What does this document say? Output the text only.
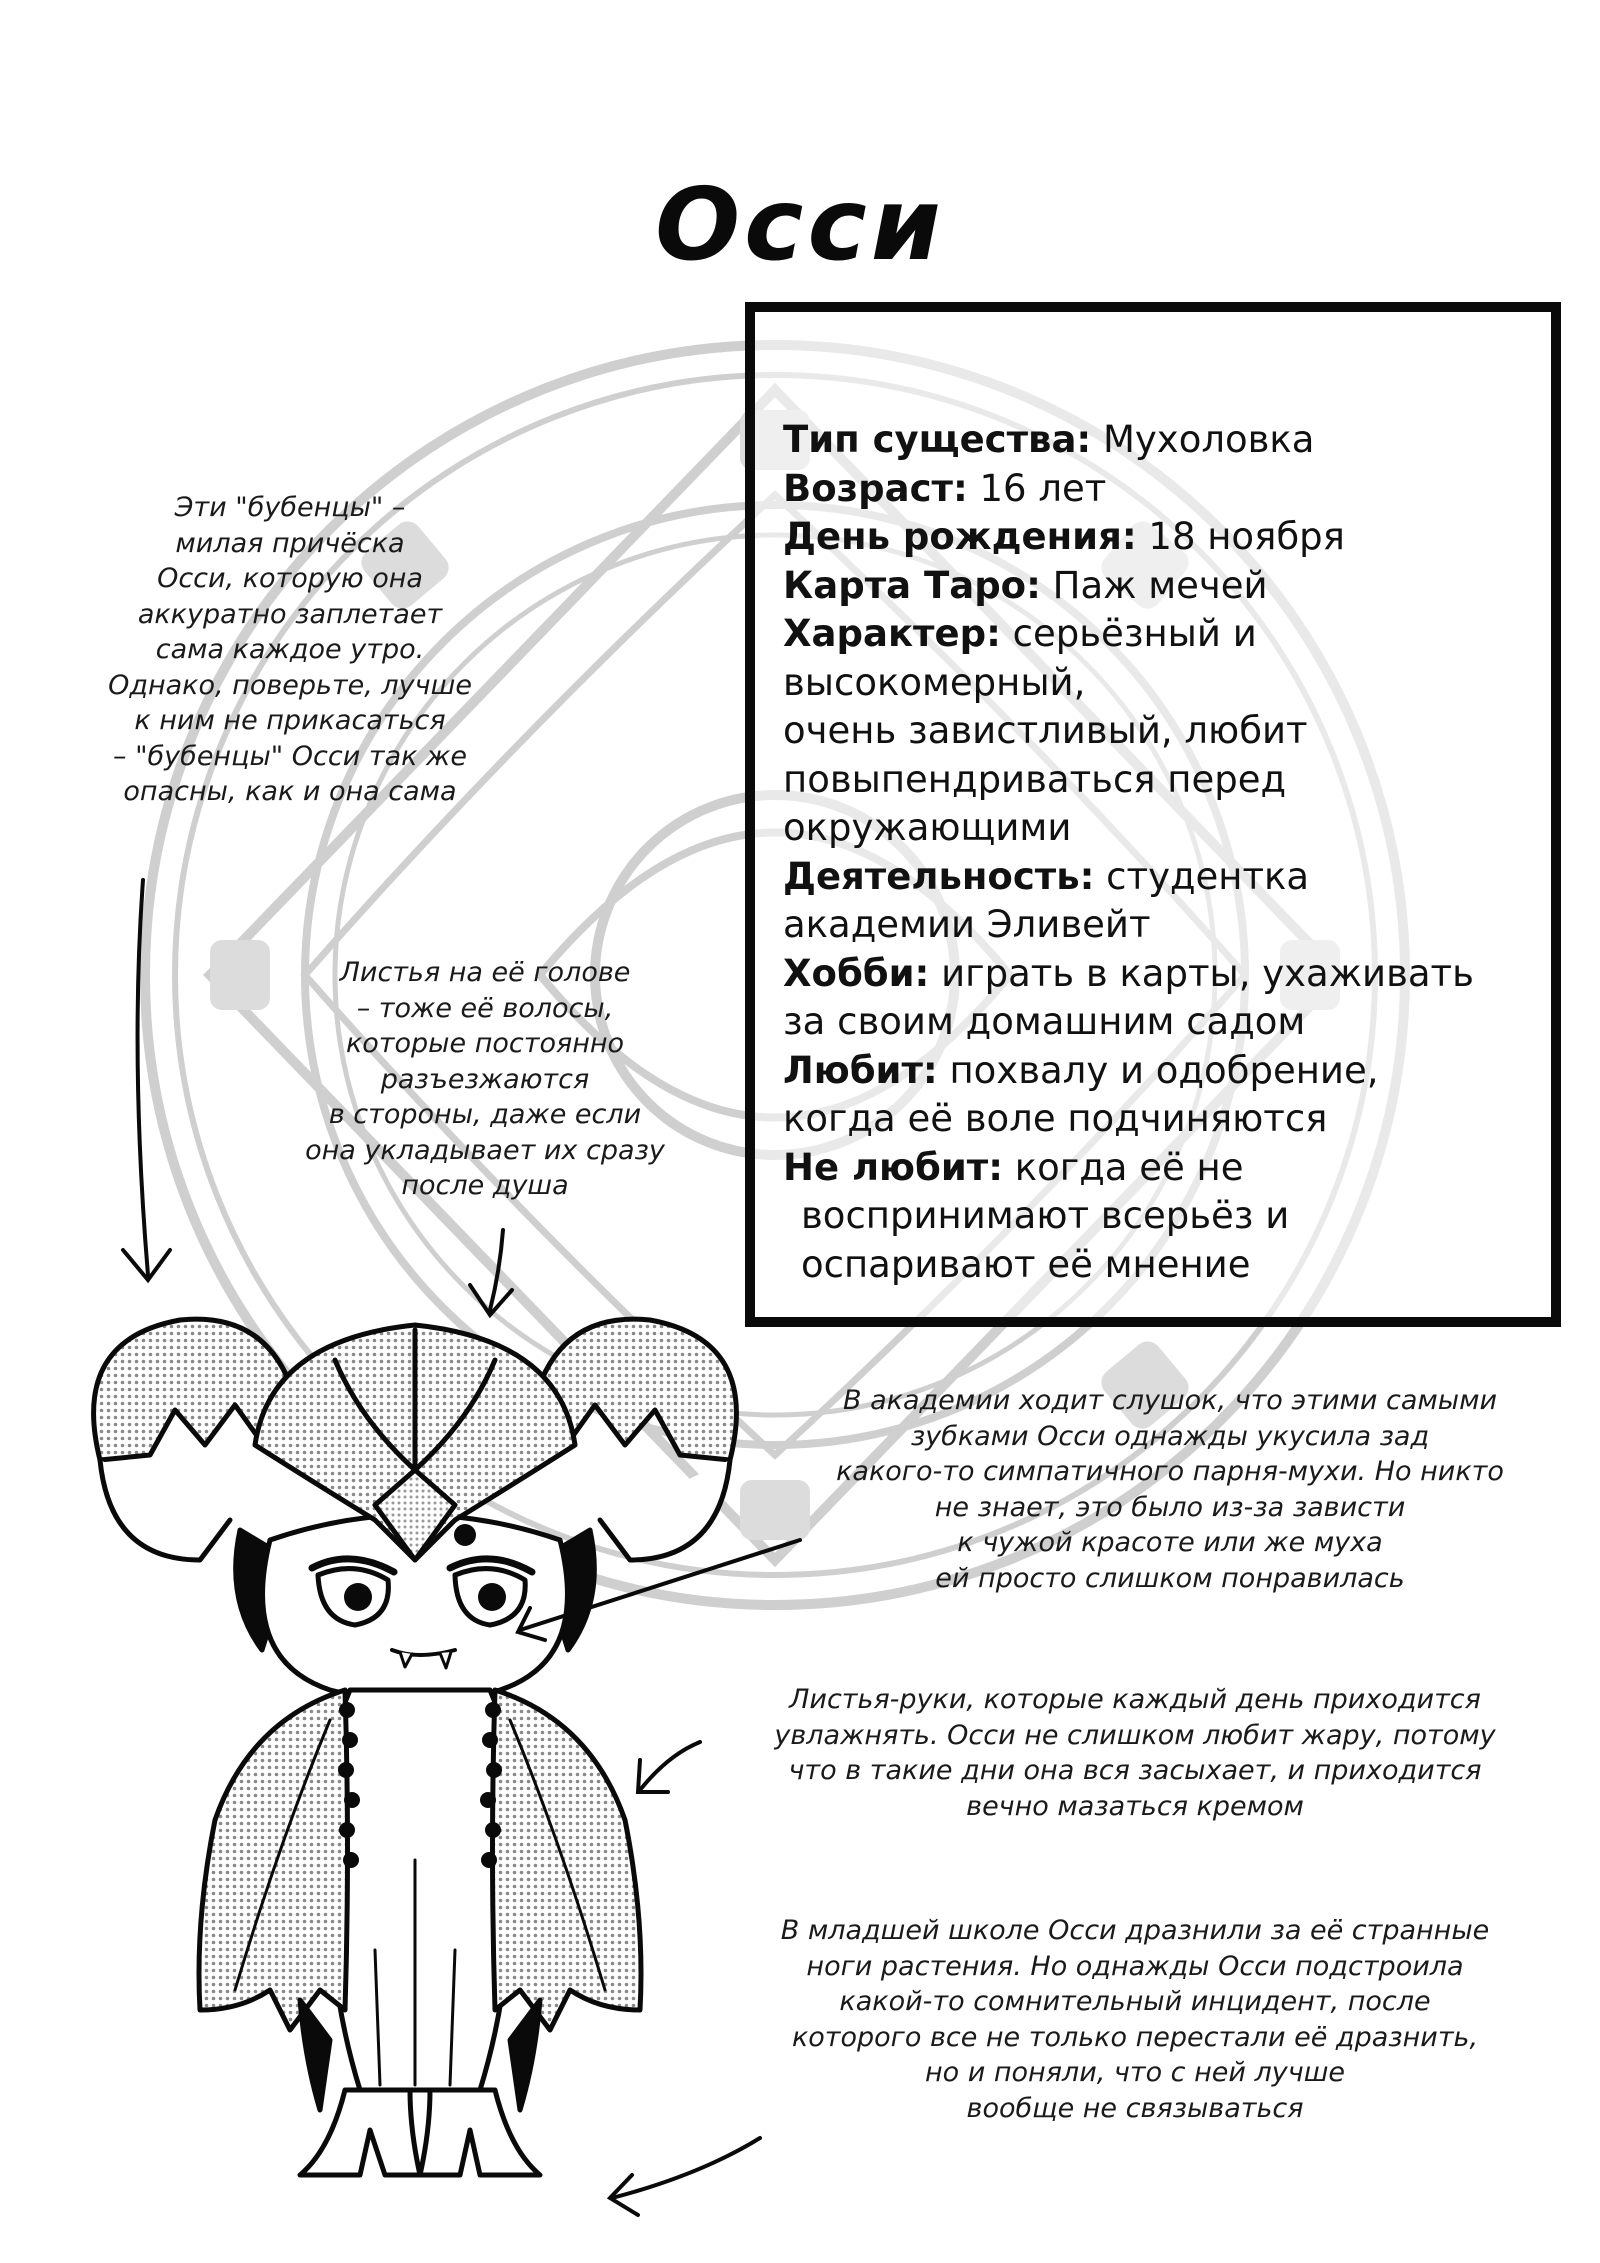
Осси
Тип существа: Мухоловка
Возраст: 16 лет
День рождения: 18 ноября
Карта Таро: Паж мечей
Характер: серьёзный и
высокомерный,
очень завистливый, любит
повыпендриваться перед
окружающими
Деятельность: студентка
академии Эливейт
Хобби: играть в карты, ухаживать
за своим домашним садом
Любит: похвалу и одобрение,
когда её воле подчиняются
Не любит: когда её не
воспринимают всерьёз и
оспаривают её мнение
Эти "бубенцы" –
милая причёска
Осси, которую она
аккуратно заплетает
сама каждое утро.
Однако, поверьте, лучше
к ним не прикасаться
– "бубенцы" Осси так же
опасны, как и она сама
Листья на её голове
– тоже её волосы,
которые постоянно
разъезжаются
в стороны, даже если
она укладывает их сразу
после душа
В академии ходит слушок, что этими самыми
зубками Осси однажды укусила зад
какого-то симпатичного парня-мухи. Но никто
не знает, это было из-за зависти
к чужой красоте или же муха
ей просто слишком понравилась
Листья-руки, которые каждый день приходится
увлажнять. Осси не слишком любит жару, потому
что в такие дни она вся засыхает, и приходится
вечно мазаться кремом
В младшей школе Осси дразнили за её странные
ноги растения. Но однажды Осси подстроила
какой-то сомнительный инцидент, после
которого все не только перестали её дразнить,
но и поняли, что с ней лучше
вообще не связываться
